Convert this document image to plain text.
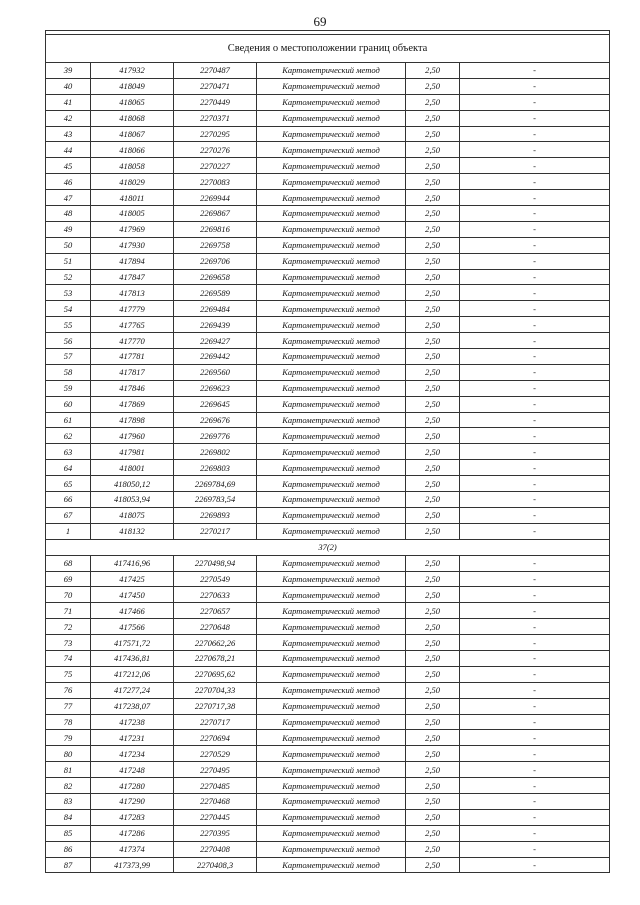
69

Сведения о местоположении границ объекта					
39	417932	2270487	Картометрический метод	2,50	-
40	418049	2270471	Картометрический метод	2,50	-
41	418065	2270449	Картометрический метод	2,50	-
42	418068	2270371	Картометрический метод	2,50	-
43	418067	2270295	Картометрический метод	2,50	-
44	418066	2270276	Картометрический метод	2,50	-
45	418058	2270227	Картометрический метод	2,50	-
46	418029	2270083	Картометрический метод	2,50	-
47	418011	2269944	Картометрический метод	2,50	-
48	418005	2269867	Картометрический метод	2,50	-
49	417969	2269816	Картометрический метод	2,50	-
50	417930	2269758	Картометрический метод	2,50	-
51	417894	2269706	Картометрический метод	2,50	-
52	417847	2269658	Картометрический метод	2,50	-
53	417813	2269589	Картометрический метод	2,50	-
54	417779	2269484	Картометрический метод	2,50	-
55	417765	2269439	Картометрический метод	2,50	-
56	417770	2269427	Картометрический метод	2,50	-
57	417781	2269442	Картометрический метод	2,50	-
58	417817	2269560	Картометрический метод	2,50	-
59	417846	2269623	Картометрический метод	2,50	-
60	417869	2269645	Картометрический метод	2,50	-
61	417898	2269676	Картометрический метод	2,50	-
62	417960	2269776	Картометрический метод	2,50	-
63	417981	2269802	Картометрический метод	2,50	-
64	418001	2269803	Картометрический метод	2,50	-
65	418050,12	2269784,69	Картометрический метод	2,50	-
66	418053,94	2269783,54	Картометрический метод	2,50	-
67	418075	2269893	Картометрический метод	2,50	-
1	418132	2270217	Картометрический метод	2,50	-
37(2)					
68	417416,96	2270498,94	Картометрический метод	2,50	-
69	417425	2270549	Картометрический метод	2,50	-
70	417450	2270633	Картометрический метод	2,50	-
71	417466	2270657	Картометрический метод	2,50	-
72	417566	2270648	Картометрический метод	2,50	-
73	417571,72	2270662,26	Картометрический метод	2,50	-
74	417436,81	2270678,21	Картометрический метод	2,50	-
75	417212,06	2270695,62	Картометрический метод	2,50	-
76	417277,24	2270704,33	Картометрический метод	2,50	-
77	417238,07	2270717,38	Картометрический метод	2,50	-
78	417238	2270717	Картометрический метод	2,50	-
79	417231	2270694	Картометрический метод	2,50	-
80	417234	2270529	Картометрический метод	2,50	-
81	417248	2270495	Картометрический метод	2,50	-
82	417280	2270485	Картометрический метод	2,50	-
83	417290	2270468	Картометрический метод	2,50	-
84	417283	2270445	Картометрический метод	2,50	-
85	417286	2270395	Картометрический метод	2,50	-
86	417374	2270408	Картометрический метод	2,50	-
87	417373,99	2270408,3	Картометрический метод	2,50	-
